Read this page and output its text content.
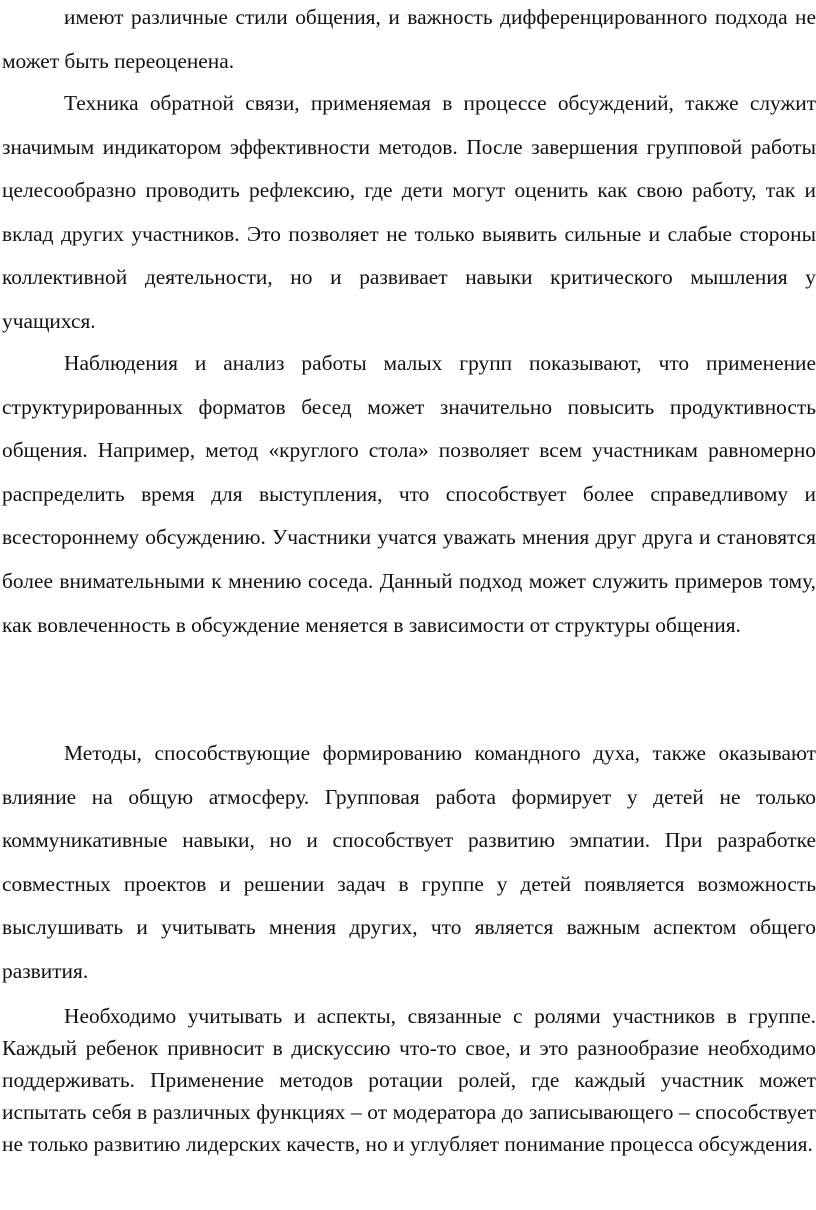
имеют различные стили общения, и важность дифференцированного подхода не может быть переоценена.

Техника обратной связи, применяемая в процессе обсуждений, также служит значимым индикатором эффективности методов. После завершения групповой работы целесообразно проводить рефлексию, где дети могут оценить как свою работу, так и вклад других участников. Это позволяет не только выявить сильные и слабые стороны коллективной деятельности, но и развивает навыки критического мышления у учащихся.

Наблюдения и анализ работы малых групп показывают, что применение структурированных форматов бесед может значительно повысить продуктивность общения. Например, метод «круглого стола» позволяет всем участникам равномерно распределить время для выступления, что способствует более справедливому и всестороннему обсуждению. Участники учатся уважать мнения друг друга и становятся более внимательными к мнению соседа. Данный подход может служить примеров тому, как вовлеченность в обсуждение меняется в зависимости от структуры общения.

Методы, способствующие формированию командного духа, также оказывают влияние на общую атмосферу. Групповая работа формирует у детей не только коммуникативные навыки, но и способствует развитию эмпатии. При разработке совместных проектов и решении задач в группе у детей появляется возможность выслушивать и учитывать мнения других, что является важным аспектом общего развития.

Необходимо учитывать и аспекты, связанные с ролями участников в группе. Каждый ребенок привносит в дискуссию что-то свое, и это разнообразие необходимо поддерживать. Применение методов ротации ролей, где каждый участник может испытать себя в различных функциях – от модератора до записывающего – способствует не только развитию лидерских качеств, но и углубляет понимание процесса обсуждения.
